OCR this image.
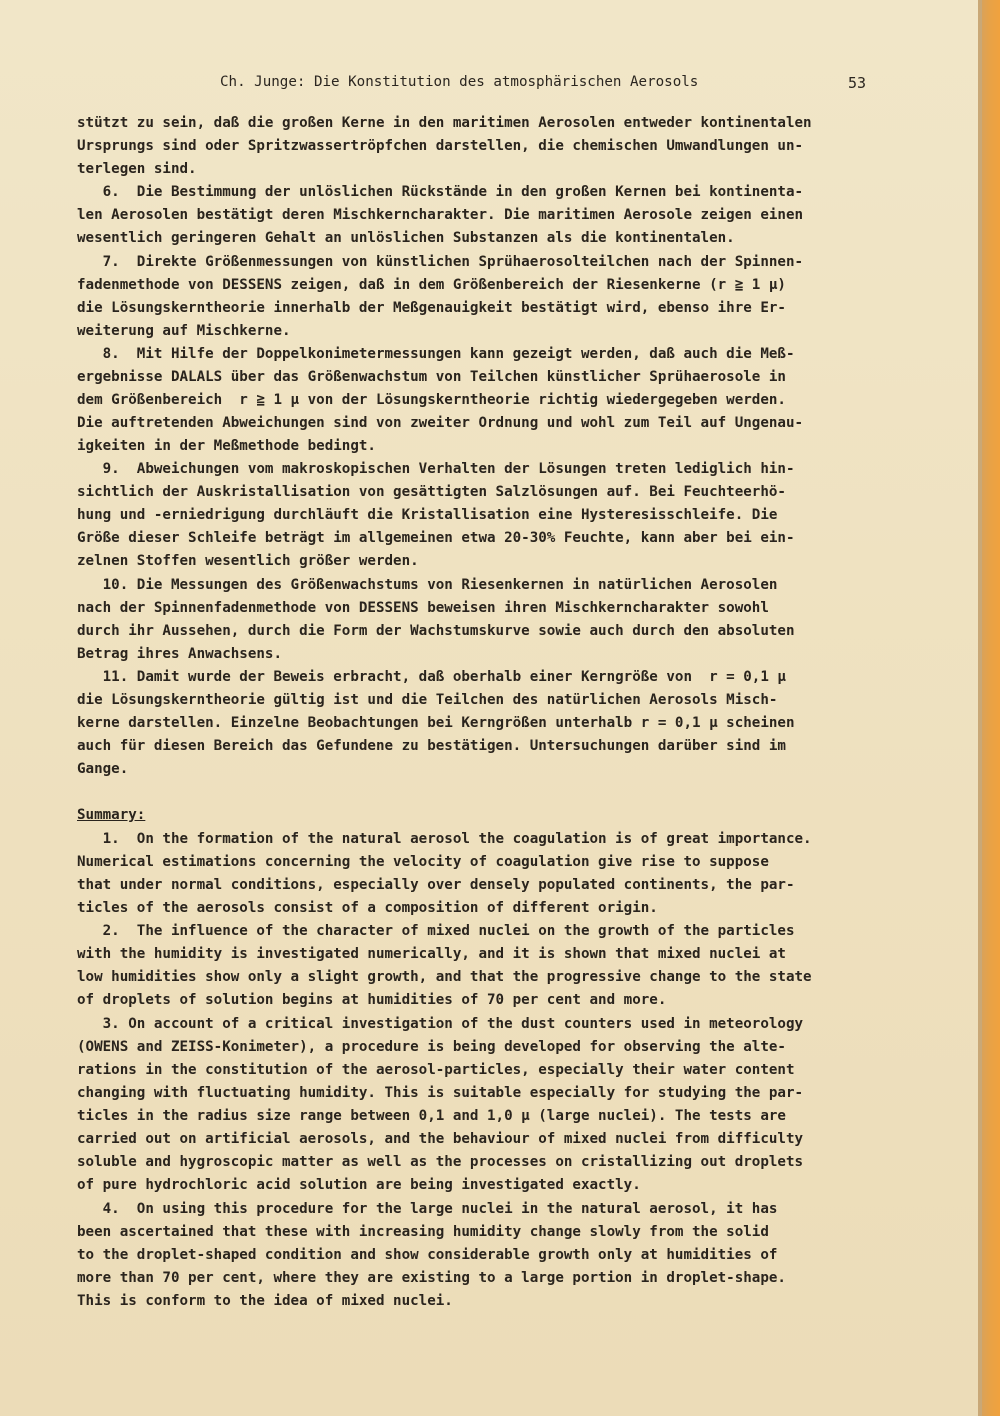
Ch. Junge: Die Konstitution des atmosphärischen Aerosols	53
stützt zu sein, daß die großen Kerne in den maritimen Aerosolen entweder kontinentalen
Ursprungs sind oder Spritzwassertröpfchen darstellen, die chemischen Umwandlungen un-
terlegen sind.
6.  Die Bestimmung der unlöslichen Rückstände in den großen Kernen bei kontinenta-
len Aerosolen bestätigt deren Mischkerncharakter. Die maritimen Aerosole zeigen einen
wesentlich geringeren Gehalt an unlöslichen Substanzen als die kontinentalen.
7.  Direkte Größenmessungen von künstlichen Sprühaerosolteilchen nach der Spinnen-
fadenmethode von DESSENS zeigen, daß in dem Größenbereich der Riesenkerne (r ≧ 1 µ)
die Lösungskerntheorie innerhalb der Meßgenauigkeit bestätigt wird, ebenso ihre Er-
weiterung auf Mischkerne.
8.  Mit Hilfe der Doppelkonimetermessungen kann gezeigt werden, daß auch die Meß-
ergebnisse DALALS über das Größenwachstum von Teilchen künstlicher Sprühaerosole in
dem Größenbereich  r ≧ 1 µ von der Lösungskerntheorie richtig wiedergegeben werden.
Die auftretenden Abweichungen sind von zweiter Ordnung und wohl zum Teil auf Ungenau-
igkeiten in der Meßmethode bedingt.
9.  Abweichungen vom makroskopischen Verhalten der Lösungen treten lediglich hin-
sichtlich der Auskristallisation von gesättigten Salzlösungen auf. Bei Feuchteerhö-
hung und -erniedrigung durchläuft die Kristallisation eine Hysteresisschleife. Die
Größe dieser Schleife beträgt im allgemeinen etwa 20-30% Feuchte, kann aber bei ein-
zelnen Stoffen wesentlich größer werden.
10. Die Messungen des Größenwachstums von Riesenkernen in natürlichen Aerosolen
nach der Spinnenfadenmethode von DESSENS beweisen ihren Mischkerncharakter sowohl
durch ihr Aussehen, durch die Form der Wachstumskurve sowie auch durch den absoluten
Betrag ihres Anwachsens.
11. Damit wurde der Beweis erbracht, daß oberhalb einer Kerngröße von  r = 0,1 µ
die Lösungskerntheorie gültig ist und die Teilchen des natürlichen Aerosols Misch-
kerne darstellen. Einzelne Beobachtungen bei Kerngrößen unterhalb r = 0,1 µ scheinen
auch für diesen Bereich das Gefundene zu bestätigen. Untersuchungen darüber sind im
Gange.
Summary:
1.  On the formation of the natural aerosol the coagulation is of great importance.
Numerical estimations concerning the velocity of coagulation give rise to suppose
that under normal conditions, especially over densely populated continents, the par-
ticles of the aerosols consist of a composition of different origin.
2.  The influence of the character of mixed nuclei on the growth of the particles
with the humidity is investigated numerically, and it is shown that mixed nuclei at
low humidities show only a slight growth, and that the progressive change to the state
of droplets of solution begins at humidities of 70 per cent and more.
3. On account of a critical investigation of the dust counters used in meteorology
(OWENS and ZEISS-Konimeter), a procedure is being developed for observing the alte-
rations in the constitution of the aerosol-particles, especially their water content
changing with fluctuating humidity. This is suitable especially for studying the par-
ticles in the radius size range between 0,1 and 1,0 µ (large nuclei). The tests are
carried out on artificial aerosols, and the behaviour of mixed nuclei from difficulty
soluble and hygroscopic matter as well as the processes on cristallizing out droplets
of pure hydrochloric acid solution are being investigated exactly.
4.  On using this procedure for the large nuclei in the natural aerosol, it has
been ascertained that these with increasing humidity change slowly from the solid
to the droplet-shaped condition and show considerable growth only at humidities of
more than 70 per cent, where they are existing to a large portion in droplet-shape.
This is conform to the idea of mixed nuclei.
